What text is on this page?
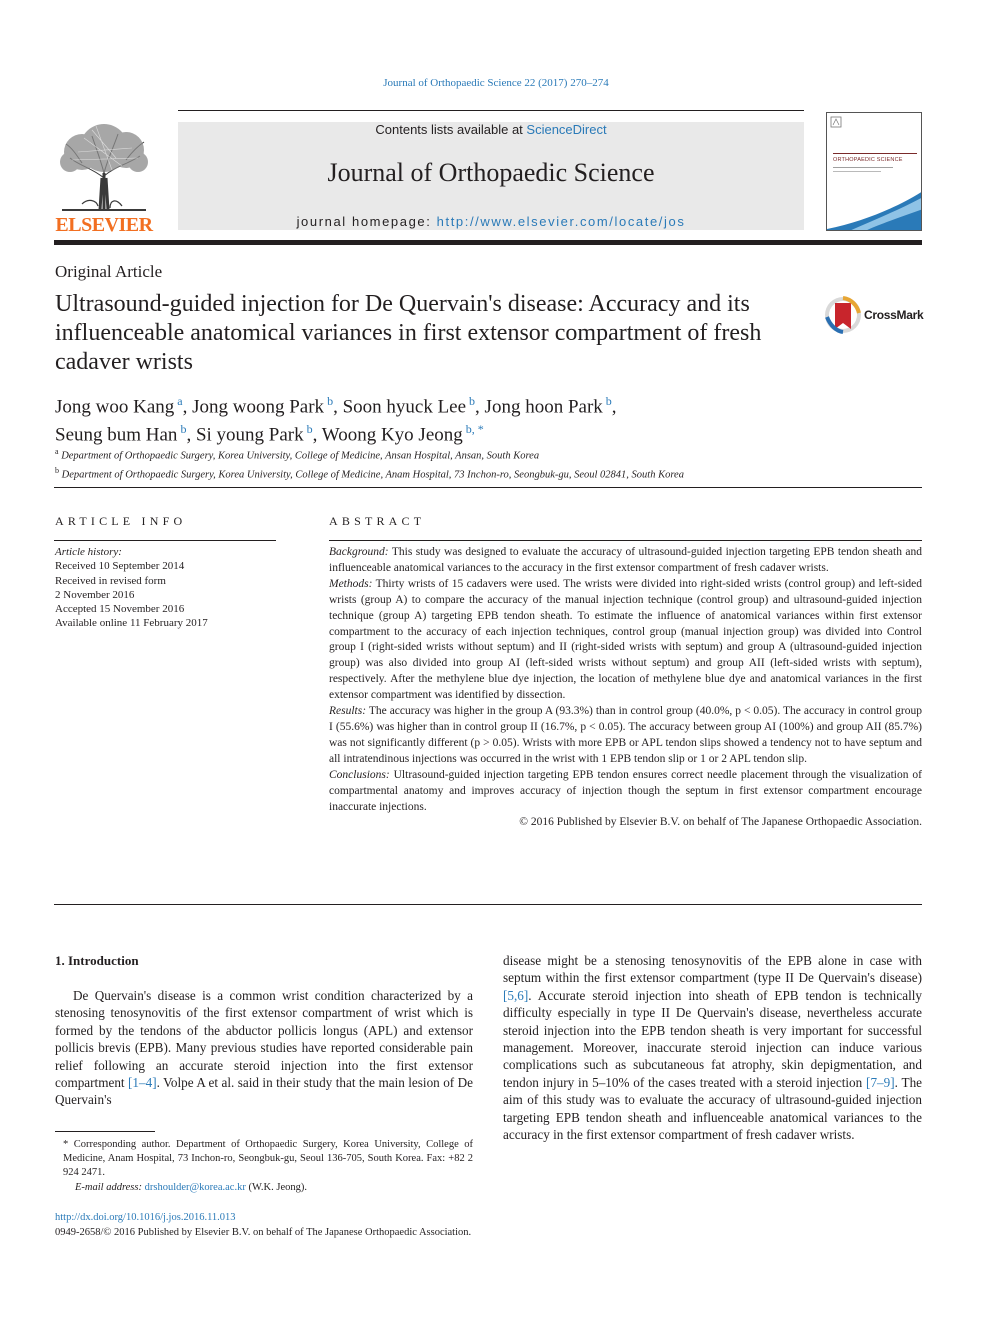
Journal of Orthopaedic Science 22 (2017) 270–274
ELSEVIER
Contents lists available at ScienceDirect
Journal of Orthopaedic Science
journal homepage: http://www.elsevier.com/locate/jos
ORTHOPAEDIC SCIENCE
Original Article
Ultrasound-guided injection for De Quervain's disease: Accuracy and its influenceable anatomical variances in first extensor compartment of fresh cadaver wrists
CrossMark
Jong woo Kang $^a$, Jong woong Park $^b$, Soon hyuck Lee $^b$, Jong hoon Park $^b$,
Seung bum Han $^b$, Si young Park $^b$, Woong Kyo Jeong $^{b, *}$
$^a$ Department of Orthopaedic Surgery, Korea University, College of Medicine, Ansan Hospital, Ansan, South Korea
$^b$ Department of Orthopaedic Surgery, Korea University, College of Medicine, Anam Hospital, 73 Inchon-ro, Seongbuk-gu, Seoul 02841, South Korea
ARTICLE INFO	ABSTRACT
Article history:
Received 10 September 2014
Received in revised form
2 November 2016
Accepted 15 November 2016
Available online 11 February 2017

Background: This study was designed to evaluate the accuracy of ultrasound-guided injection targeting EPB tendon sheath and influenceable anatomical variances to the accuracy in the first extensor compartment of fresh cadaver wrists.

Methods: Thirty wrists of 15 cadavers were used. The wrists were divided into right-sided wrists (control group) and left-sided wrists (group A) to compare the accuracy of the manual injection technique (control group) and ultrasound-guided injection technique (group A) targeting EPB tendon sheath. To estimate the influence of anatomical variances within first extensor compartment to the accuracy of each injection techniques, control group (manual injection group) was divided into Control group I (right-sided wrists without septum) and II (right-sided wrists with septum) and group A (ultrasound-guided injection group) was also divided into group AI (left-sided wrists without septum) and group AII (left-sided wrists with septum), respectively. After the methylene blue dye injection, the location of methylene blue dye and anatomical variances in the first extensor compartment was identified by dissection.

Results: The accuracy was higher in the group A (93.3%) than in control group (40.0%, p < 0.05). The accuracy in control group I (55.6%) was higher than in control group II (16.7%, p < 0.05). The accuracy between group AI (100%) and group AII (85.7%) was not significantly different (p > 0.05). Wrists with more EPB or APL tendon slips showed a tendency not to have septum and all intratendinous injections was occurred in the wrist with 1 EPB tendon slip or 1 or 2 APL tendon slip.

Conclusions: Ultrasound-guided injection targeting EPB tendon ensures correct needle placement through the visualization of compartmental anatomy and improves accuracy of injection though the septum in first extensor compartment encourage inaccurate injections.

© 2016 Published by Elsevier B.V. on behalf of The Japanese Orthopaedic Association.

1. Introduction

De Quervain's disease is a common wrist condition characterized by a stenosing tenosynovitis of the first extensor compartment of wrist which is formed by the tendons of the abductor pollicis longus (APL) and extensor pollicis brevis (EPB). Many previous studies have reported considerable pain relief following an accurate steroid injection into the first extensor compartment [1–4]. Volpe A et al. said in their study that the main lesion of De Quervain's

disease might be a stenosing tenosynovitis of the EPB alone in case with septum within the first extensor compartment (type II De Quervain's disease) [5,6]. Accurate steroid injection into sheath of EPB tendon is technically difficulty especially in type II De Quervain's disease, nevertheless accurate steroid injection into the EPB tendon sheath is very important for successful management. Moreover, inaccurate steroid injection can induce various complications such as subcutaneous fat atrophy, skin depigmentation, and tendon injury in 5–10% of the cases treated with a steroid injection [7–9]. The aim of this study was to evaluate the accuracy of ultrasound-guided injection targeting EPB tendon sheath and influenceable anatomical variances to the accuracy in the first extensor compartment of fresh cadaver wrists.

* Corresponding author. Department of Orthopaedic Surgery, Korea University, College of Medicine, Anam Hospital, 73 Inchon-ro, Seongbuk-gu, Seoul 136-705, South Korea. Fax: +82 2 924 2471.
E-mail address: drshoulder@korea.ac.kr (W.K. Jeong).
http://dx.doi.org/10.1016/j.jos.2016.11.013
0949-2658/© 2016 Published by Elsevier B.V. on behalf of The Japanese Orthopaedic Association.
